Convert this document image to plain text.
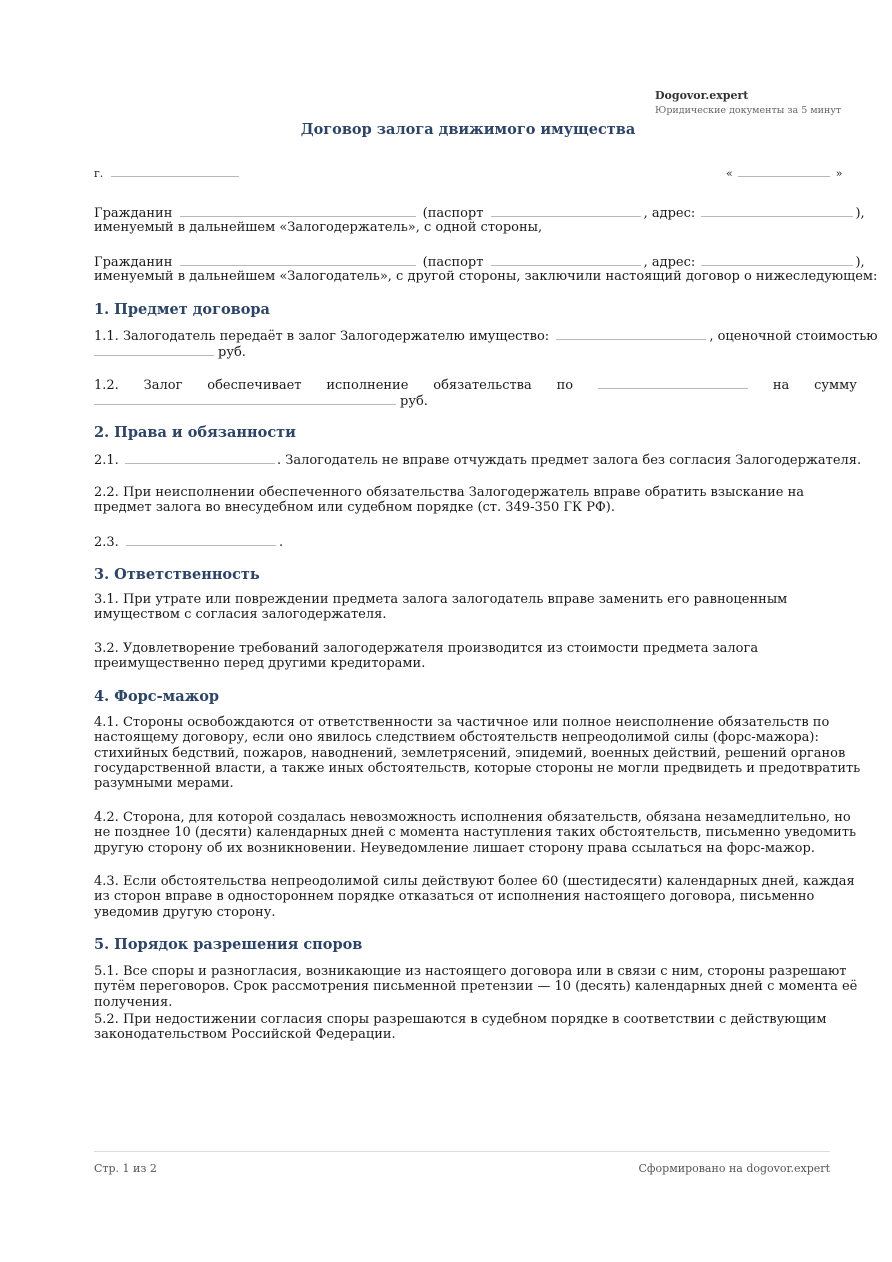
Dogovor.expert
Юридические документы за 5 минут
Договор залога движимого имущества
г.	«	»
Гражданин	(паспорт	, адрес:	),
именуемый в дальнейшем «Залогодержатель», с одной стороны,
Гражданин	(паспорт	, адрес:	),
именуемый в дальнейшем «Залогодатель», с другой стороны, заключили настоящий договор о нижеследующем:
1. Предмет договора
1.1. Залогодатель передаёт в залог Залогодержателю имущество:	, оценочной стоимостью
руб.
1.2. Залог обеспечивает исполнение обязательства по	на сумму
руб.
2. Права и обязанности
2.1.	. Залогодатель не вправе отчуждать предмет залога без согласия Залогодержателя.
2.2. При неисполнении обеспеченного обязательства Залогодержатель вправе обратить взыскание на предмет залога во внесудебном или судебном порядке (ст. 349-350 ГК РФ).
2.3.	.
3. Ответственность
3.1. При утрате или повреждении предмета залога залогодатель вправе заменить его равноценным имуществом с согласия залогодержателя.
3.2. Удовлетворение требований залогодержателя производится из стоимости предмета залога преимущественно перед другими кредиторами.
4. Форс-мажор
4.1. Стороны освобождаются от ответственности за частичное или полное неисполнение обязательств по настоящему договору, если оно явилось следствием обстоятельств непреодолимой силы (форс-мажора): стихийных бедствий, пожаров, наводнений, землетрясений, эпидемий, военных действий, решений органов государственной власти, а также иных обстоятельств, которые стороны не могли предвидеть и предотвратить разумными мерами.
4.2. Сторона, для которой создалась невозможность исполнения обязательств, обязана незамедлительно, но не позднее 10 (десяти) календарных дней с момента наступления таких обстоятельств, письменно уведомить другую сторону об их возникновении. Неуведомление лишает сторону права ссылаться на форс-мажор.
4.3. Если обстоятельства непреодолимой силы действуют более 60 (шестидесяти) календарных дней, каждая из сторон вправе в одностороннем порядке отказаться от исполнения настоящего договора, письменно уведомив другую сторону.
5. Порядок разрешения споров
5.1. Все споры и разногласия, возникающие из настоящего договора или в связи с ним, стороны разрешают путём переговоров. Срок рассмотрения письменной претензии — 10 (десять) календарных дней с момента её получения.
5.2. При недостижении согласия споры разрешаются в судебном порядке в соответствии с действующим законодательством Российской Федерации.
Стр. 1 из 2	Сформировано на dogovor.expert
